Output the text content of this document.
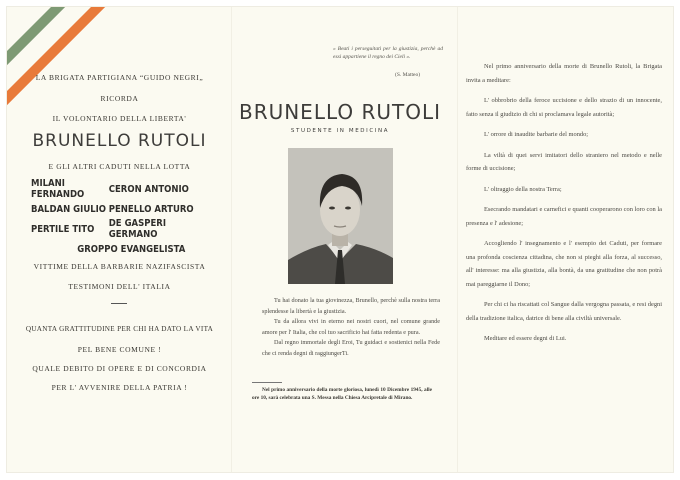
LA BRIGATA PARTIGIANA “GUIDO NEGRI„
RICORDA
IL VOLONTARIO DELLA LIBERTA'
BRUNELLO RUTOLI
E GLI ALTRI CADUTI NELLA LOTTA
MILANI FERNANDO	CERON ANTONIO
BALDAN GIULIO PENELLO ARTURO
PERTILE TITO	DE GASPERI GERMANO
GROPPO EVANGELISTA
VITTIME DELLA BARBARIE NAZIFASCISTA
TESTIMONI DELL' ITALIA
QUANTA GRATTITUDINE PER CHI HA DATO LA VITA
PEL BENE COMUNE !
QUALE DEBITO DI OPERE E DI CONCORDIA
PER L' AVVENIRE DELLA PATRIA !
« Beati i perseguitati per la giustizia, perchè ad essi appartiene il regno dei Cieli ».
(S. Matteo)
BRUNELLO RUTOLI
STUDENTE IN MEDICINA
Tu hai donato la tua giovinezza, Brunello, perchè sulla nostra terra splendesse la libertà e la giustizia.
Tu da allora vivi in eterno nei nostri cuori, nel comune grande amore per l' Italia, che col tuo sacrificio hai fatta redenta e pura.
Dal regno immortale degli Eroi, Tu guidaci e sostienici nella Fede che ci renda degni di raggiungerTi.
Nel primo anniversario della morte gloriosa, lunedì 10 Dicembre 1945, alle ore 10, sarà celebrata una S. Messa nella Chiesa Arcipretale di Mirano.

Nel primo anniversario della morte di Brunello Rutoli, la Brigata invita a meditare:

L' obbrobrio della feroce uccisione e dello strazio di un innocente, fatto senza il giudizio di chi si proclamava legale autorità;

L' orrore di inaudite barbarie del mondo;

La viltà di quei servi imitatori dello straniero nel metodo e nelle forme di uccisione;

L' oltraggio della nostra Terra;

Esecrando mandatari e carnefici e quanti cooperarono con loro con la presenza e l' adesione;

Accogliendo l' insegnamento e l' esempio dei Caduti, per formare una profonda coscienza cittadina, che non si pieghi alla forza, al successo, all' interesse: ma alla giustizia, alla bontà, da una gratitudine che non potrà mai pareggiarne il Dono;

Per chi ci ha riscattati col Sangue dalla vergogna passata, e resi degni della tradizione italica, datrice di bene alla civiltà universale.

Meditare ed essere degni di Lui.
